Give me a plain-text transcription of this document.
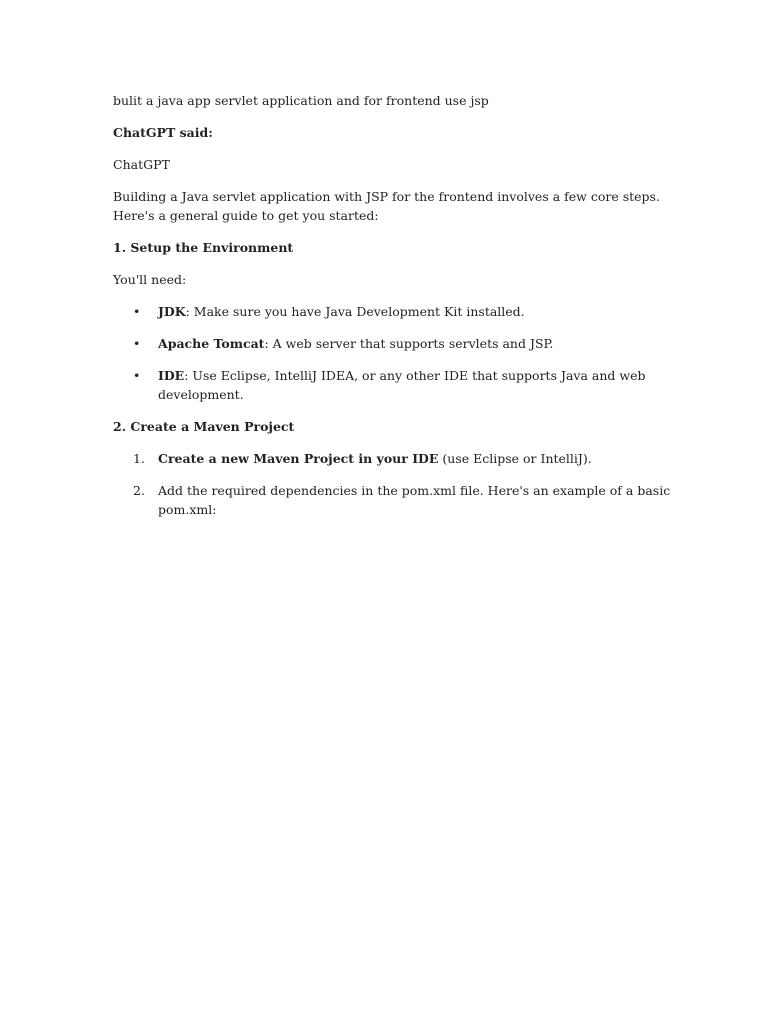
bulit a java app servlet application and for frontend use jsp

ChatGPT said:

ChatGPT

Building a Java servlet application with JSP for the frontend involves a few core steps. Here's a general guide to get you started:

1. Setup the Environment

You'll need:

•	JDK: Make sure you have Java Development Kit installed.
•	Apache Tomcat: A web server that supports servlets and JSP.
•	IDE: Use Eclipse, IntelliJ IDEA, or any other IDE that supports Java and web development.

2. Create a Maven Project

1.	Create a new Maven Project in your IDE (use Eclipse or IntelliJ).
2.	Add the required dependencies in the pom.xml file. Here's an example of a basic pom.xml:
